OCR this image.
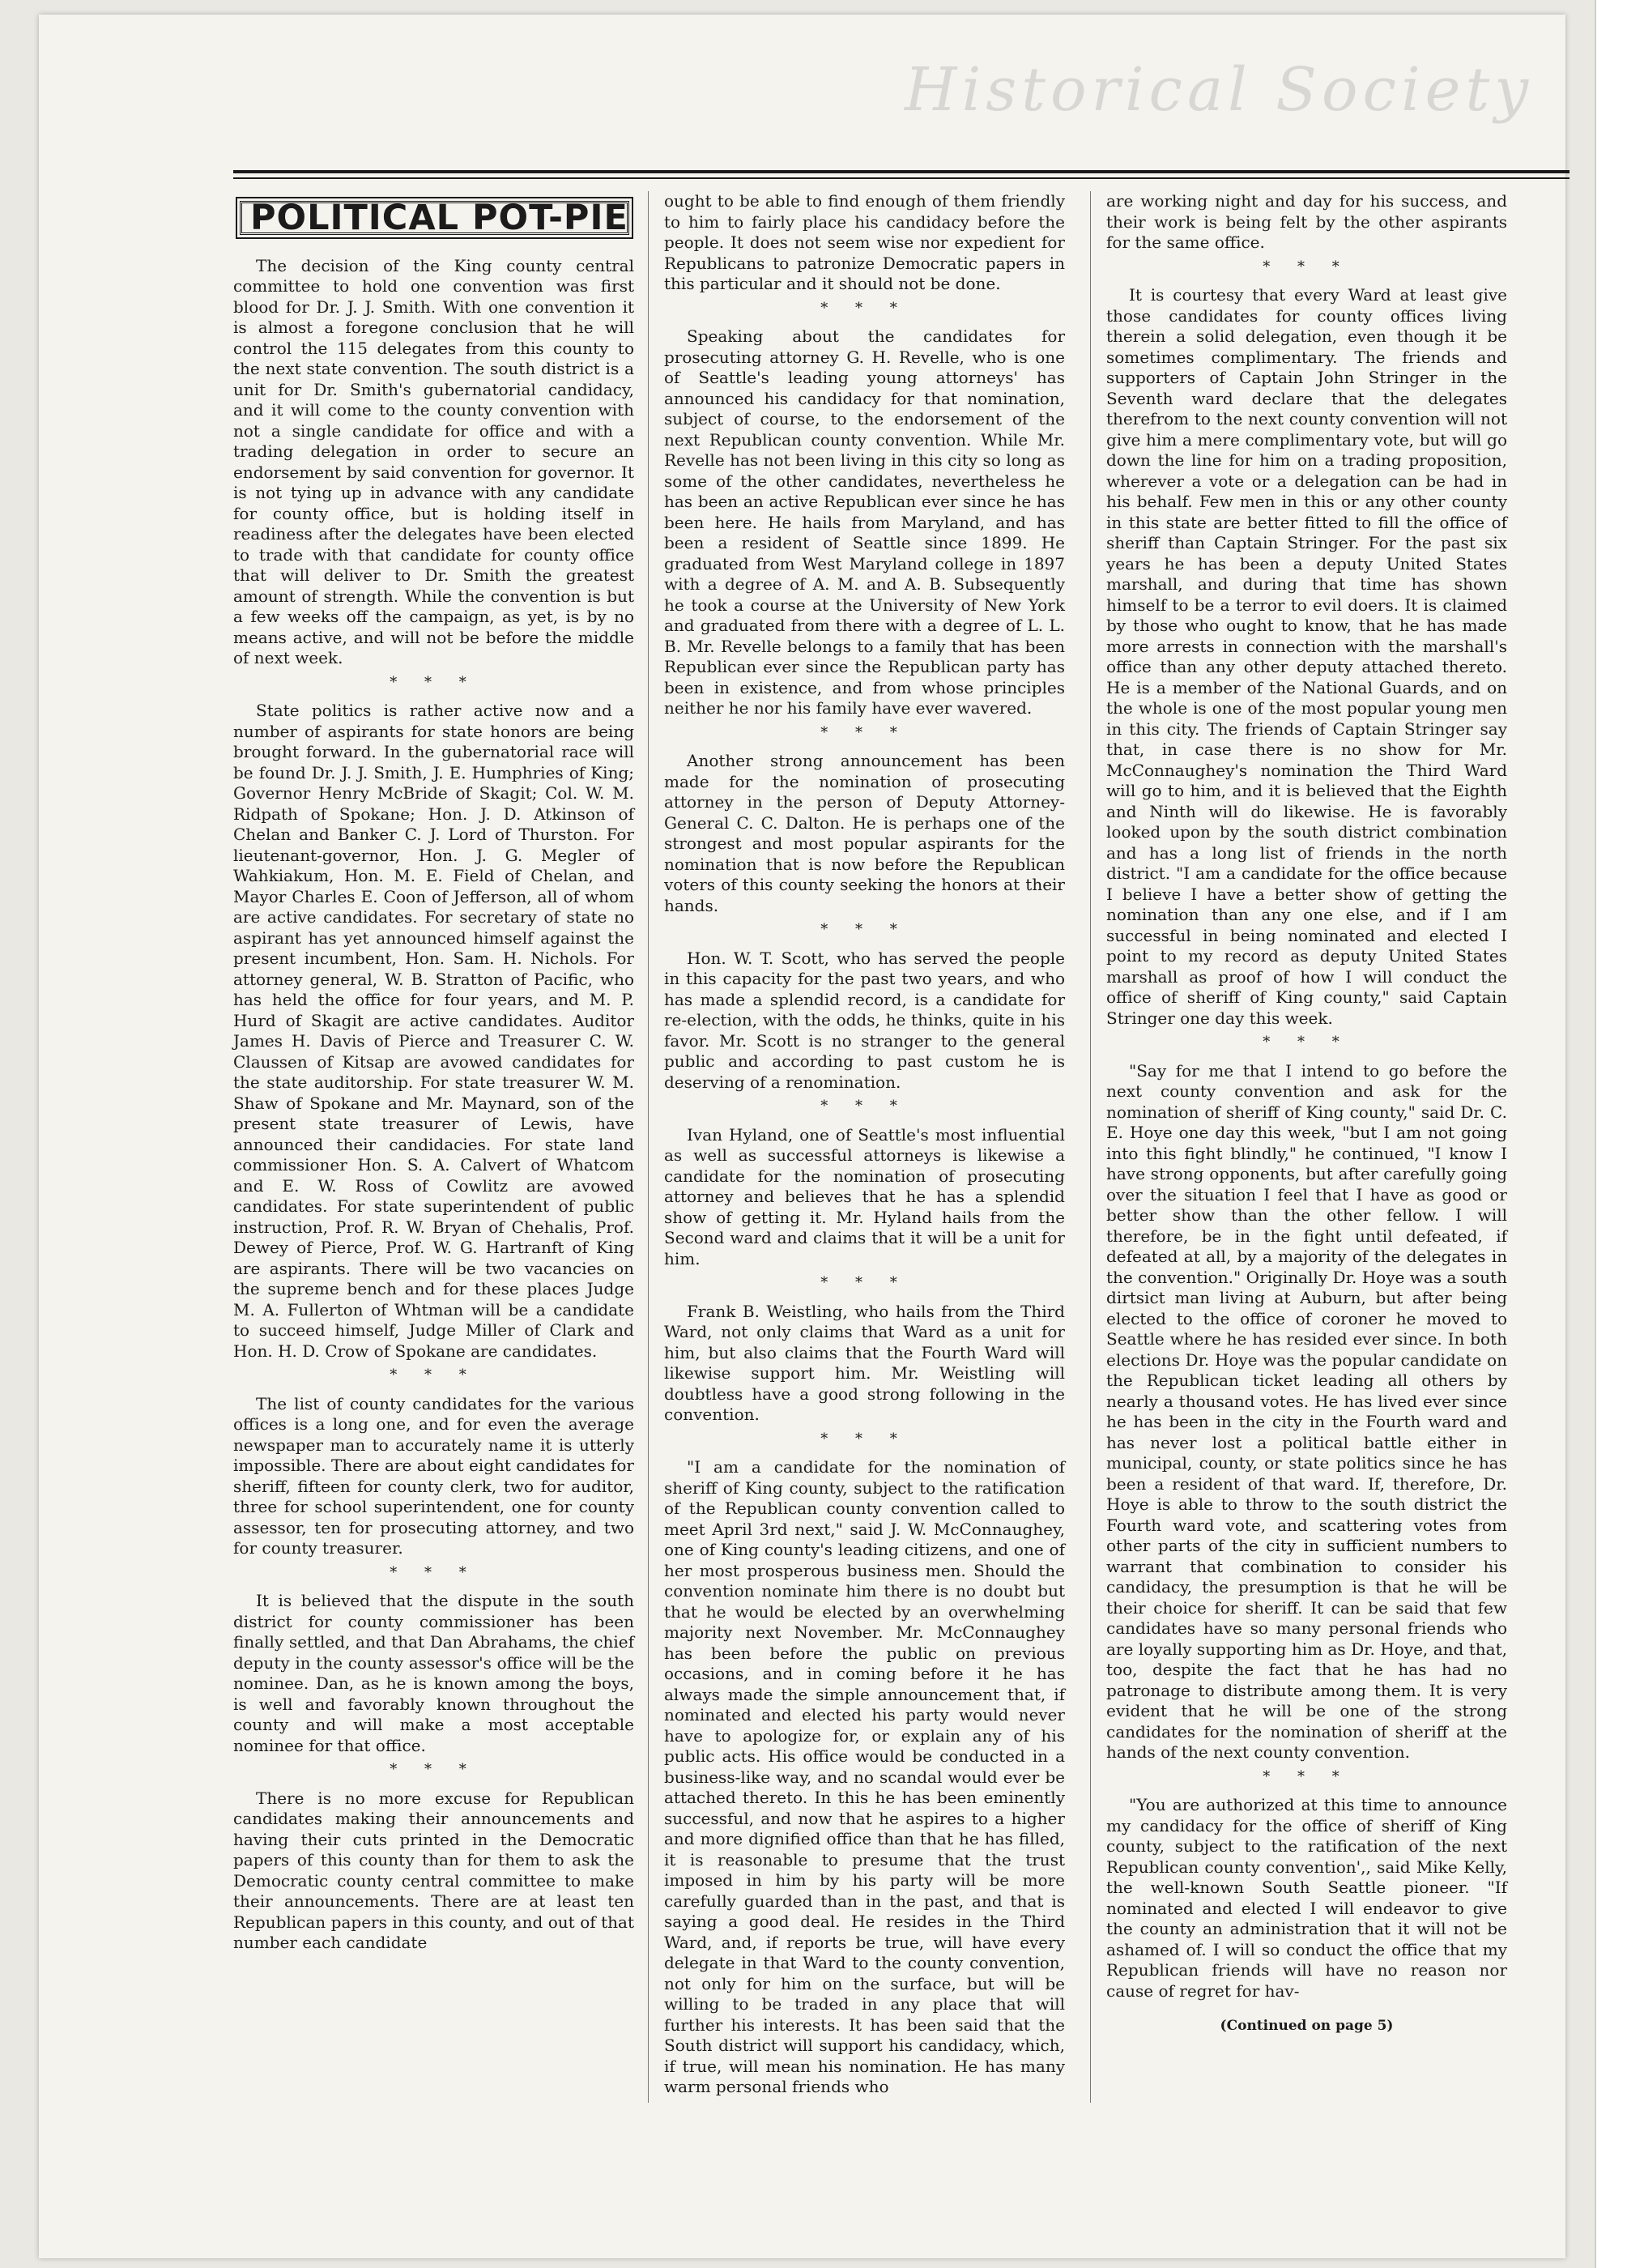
Historical Society
POLITICAL POT-PIE

The decision of the King county central committee to hold one convention was first blood for Dr. J. J. Smith. With one convention it is almost a foregone conclusion that he will control the 115 delegates from this county to the next state convention. The south district is a unit for Dr. Smith's gubernatorial candidacy, and it will come to the county convention with not a single candidate for office and with a trading delegation in order to secure an endorsement by said convention for governor. It is not tying up in advance with any candidate for county office, but is holding itself in readiness after the delegates have been elected to trade with that candidate for county office that will deliver to Dr. Smith the greatest amount of strength. While the convention is but a few weeks off the campaign, as yet, is by no means active, and will not be before the middle of next week.

* * *

State politics is rather active now and a number of aspirants for state honors are being brought forward. In the gubernatorial race will be found Dr. J. J. Smith, J. E. Humphries of King; Governor Henry McBride of Skagit; Col. W. M. Ridpath of Spokane; Hon. J. D. Atkinson of Chelan and Banker C. J. Lord of Thurston. For lieutenant-governor, Hon. J. G. Megler of Wahkiakum, Hon. M. E. Field of Chelan, and Mayor Charles E. Coon of Jefferson, all of whom are active candidates. For secretary of state no aspirant has yet announced himself against the present incumbent, Hon. Sam. H. Nichols. For attorney general, W. B. Stratton of Pacific, who has held the office for four years, and M. P. Hurd of Skagit are active candidates. Auditor James H. Davis of Pierce and Treasurer C. W. Claussen of Kitsap are avowed candidates for the state auditorship. For state treasurer W. M. Shaw of Spokane and Mr. Maynard, son of the present state treasurer of Lewis, have announced their candidacies. For state land commissioner Hon. S. A. Calvert of Whatcom and E. W. Ross of Cowlitz are avowed candidates. For state superintendent of public instruction, Prof. R. W. Bryan of Chehalis, Prof. Dewey of Pierce, Prof. W. G. Hartranft of King are aspirants. There will be two vacancies on the supreme bench and for these places Judge M. A. Fullerton of Whtman will be a candidate to succeed himself, Judge Miller of Clark and Hon. H. D. Crow of Spokane are candidates.

* * *

The list of county candidates for the various offices is a long one, and for even the average newspaper man to accurately name it is utterly impossible. There are about eight candidates for sheriff, fifteen for county clerk, two for auditor, three for school superintendent, one for county assessor, ten for prosecuting attorney, and two for county treasurer.

* * *

It is believed that the dispute in the south district for county commissioner has been finally settled, and that Dan Abrahams, the chief deputy in the county assessor's office will be the nominee. Dan, as he is known among the boys, is well and favorably known throughout the county and will make a most acceptable nominee for that office.

* * *

There is no more excuse for Republican candidates making their announcements and having their cuts printed in the Democratic papers of this county than for them to ask the Democratic county central committee to make their announcements. There are at least ten Republican papers in this county, and out of that number each candidate

ought to be able to find enough of them friendly to him to fairly place his candidacy before the people. It does not seem wise nor expedient for Republicans to patronize Democratic papers in this particular and it should not be done.

* * *

Speaking about the candidates for prosecuting attorney G. H. Revelle, who is one of Seattle's leading young attorneys' has announced his candidacy for that nomination, subject of course, to the endorsement of the next Republican county convention. While Mr. Revelle has not been living in this city so long as some of the other candidates, nevertheless he has been an active Republican ever since he has been here. He hails from Maryland, and has been a resident of Seattle since 1899. He graduated from West Maryland college in 1897 with a degree of A. M. and A. B. Subsequently he took a course at the University of New York and graduated from there with a degree of L. L. B. Mr. Revelle belongs to a family that has been Republican ever since the Republican party has been in existence, and from whose principles neither he nor his family have ever wavered.

* * *

Another strong announcement has been made for the nomination of prosecuting attorney in the person of Deputy Attorney-General C. C. Dalton. He is perhaps one of the strongest and most popular aspirants for the nomination that is now before the Republican voters of this county seeking the honors at their hands.

* * *

Hon. W. T. Scott, who has served the people in this capacity for the past two years, and who has made a splendid record, is a candidate for re-election, with the odds, he thinks, quite in his favor. Mr. Scott is no stranger to the general public and according to past custom he is deserving of a renomination.

* * *

Ivan Hyland, one of Seattle's most influential as well as successful attorneys is likewise a candidate for the nomination of prosecuting attorney and believes that he has a splendid show of getting it. Mr. Hyland hails from the Second ward and claims that it will be a unit for him.

* * *

Frank B. Weistling, who hails from the Third Ward, not only claims that Ward as a unit for him, but also claims that the Fourth Ward will likewise support him. Mr. Weistling will doubtless have a good strong following in the convention.

* * *

"I am a candidate for the nomination of sheriff of King county, subject to the ratification of the Republican county convention called to meet April 3rd next," said J. W. McConnaughey, one of King county's leading citizens, and one of her most prosperous business men. Should the convention nominate him there is no doubt but that he would be elected by an overwhelming majority next November. Mr. McConnaughey has been before the public on previous occasions, and in coming before it he has always made the simple announcement that, if nominated and elected his party would never have to apologize for, or explain any of his public acts. His office would be conducted in a business-like way, and no scandal would ever be attached thereto. In this he has been eminently successful, and now that he aspires to a higher and more dignified office than that he has filled, it is reasonable to presume that the trust imposed in him by his party will be more carefully guarded than in the past, and that is saying a good deal. He resides in the Third Ward, and, if reports be true, will have every delegate in that Ward to the county convention, not only for him on the surface, but will be willing to be traded in any place that will further his interests. It has been said that the South district will support his candidacy, which, if true, will mean his nomination. He has many warm personal friends who

are working night and day for his success, and their work is being felt by the other aspirants for the same office.

* * *

It is courtesy that every Ward at least give those candidates for county offices living therein a solid delegation, even though it be sometimes complimentary. The friends and supporters of Captain John Stringer in the Seventh ward declare that the delegates therefrom to the next county convention will not give him a mere complimentary vote, but will go down the line for him on a trading proposition, wherever a vote or a delegation can be had in his behalf. Few men in this or any other county in this state are better fitted to fill the office of sheriff than Captain Stringer. For the past six years he has been a deputy United States marshall, and during that time has shown himself to be a terror to evil doers. It is claimed by those who ought to know, that he has made more arrests in connection with the marshall's office than any other deputy attached thereto. He is a member of the National Guards, and on the whole is one of the most popular young men in this city. The friends of Captain Stringer say that, in case there is no show for Mr. McConnaughey's nomination the Third Ward will go to him, and it is believed that the Eighth and Ninth will do likewise. He is favorably looked upon by the south district combination and has a long list of friends in the north district. "I am a candidate for the office because I believe I have a better show of getting the nomination than any one else, and if I am successful in being nominated and elected I point to my record as deputy United States marshall as proof of how I will conduct the office of sheriff of King county," said Captain Stringer one day this week.

* * *

"Say for me that I intend to go before the next county convention and ask for the nomination of sheriff of King county," said Dr. C. E. Hoye one day this week, "but I am not going into this fight blindly," he continued, "I know I have strong opponents, but after carefully going over the situation I feel that I have as good or better show than the other fellow. I will therefore, be in the fight until defeated, if defeated at all, by a majority of the delegates in the convention." Originally Dr. Hoye was a south dirtsict man living at Auburn, but after being elected to the office of coroner he moved to Seattle where he has resided ever since. In both elections Dr. Hoye was the popular candidate on the Republican ticket leading all others by nearly a thousand votes. He has lived ever since he has been in the city in the Fourth ward and has never lost a political battle either in municipal, county, or state politics since he has been a resident of that ward. If, therefore, Dr. Hoye is able to throw to the south district the Fourth ward vote, and scattering votes from other parts of the city in sufficient numbers to warrant that combination to consider his candidacy, the presumption is that he will be their choice for sheriff. It can be said that few candidates have so many personal friends who are loyally supporting him as Dr. Hoye, and that, too, despite the fact that he has had no patronage to distribute among them. It is very evident that he will be one of the strong candidates for the nomination of sheriff at the hands of the next county convention.

* * *

"You are authorized at this time to announce my candidacy for the office of sheriff of King county, subject to the ratification of the next Republican county convention',, said Mike Kelly, the well-known South Seattle pioneer. "If nominated and elected I will endeavor to give the county an administration that it will not be ashamed of. I will so conduct the office that my Republican friends will have no reason nor cause of regret for hav-

(Continued on page 5)
